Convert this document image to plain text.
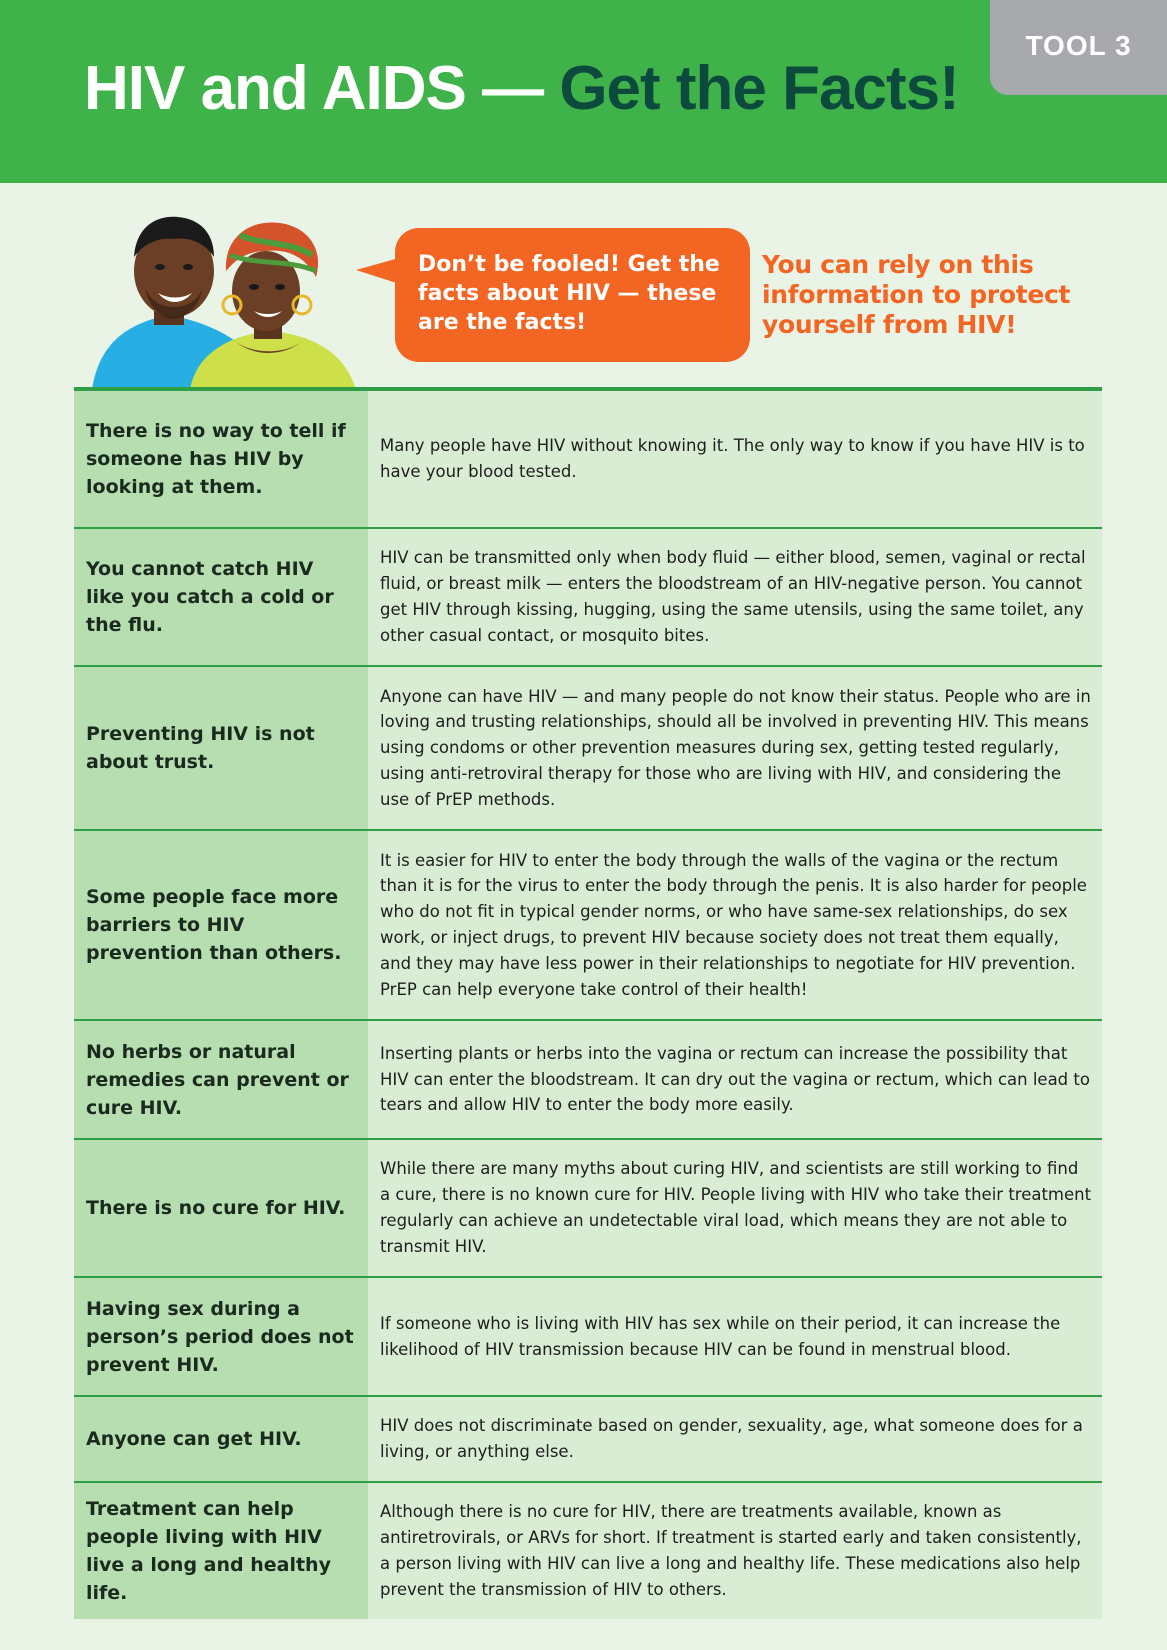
HIV and AIDS — Get the Facts!
TOOL 3
Don’t be fooled! Get the facts about HIV — these are the facts!
You can rely on this information to protect yourself from HIV!
There is no way to tell if someone has HIV by looking at them.
Many people have HIV without knowing it. The only way to know if you have HIV is to have your blood tested.
You cannot catch HIV like you catch a cold or the flu.
HIV can be transmitted only when body fluid — either blood, semen, vaginal or rectal fluid, or breast milk — enters the bloodstream of an HIV-negative person. You cannot get HIV through kissing, hugging, using the same utensils, using the same toilet, any other casual contact, or mosquito bites.
Preventing HIV is not about trust.
Anyone can have HIV — and many people do not know their status. People who are in loving and trusting relationships, should all be involved in preventing HIV. This means using condoms or other prevention measures during sex, getting tested regularly, using anti-retroviral therapy for those who are living with HIV, and considering the use of PrEP methods.
Some people face more barriers to HIV prevention than others.
It is easier for HIV to enter the body through the walls of the vagina or the rectum than it is for the virus to enter the body through the penis. It is also harder for people who do not fit in typical gender norms, or who have same-sex relationships, do sex work, or inject drugs, to prevent HIV because society does not treat them equally, and they may have less power in their relationships to negotiate for HIV prevention. PrEP can help everyone take control of their health!
No herbs or natural remedies can prevent or cure HIV.
Inserting plants or herbs into the vagina or rectum can increase the possibility that HIV can enter the bloodstream. It can dry out the vagina or rectum, which can lead to tears and allow HIV to enter the body more easily.
There is no cure for HIV.
While there are many myths about curing HIV, and scientists are still working to find a cure, there is no known cure for HIV. People living with HIV who take their treatment regularly can achieve an undetectable viral load, which means they are not able to transmit HIV.
Having sex during a person’s period does not prevent HIV.
If someone who is living with HIV has sex while on their period, it can increase the likelihood of HIV transmission because HIV can be found in menstrual blood.
Anyone can get HIV.
HIV does not discriminate based on gender, sexuality, age, what someone does for a living, or anything else.
Treatment can help people living with HIV live a long and healthy life.
Although there is no cure for HIV, there are treatments available, known as antiretrovirals, or ARVs for short. If treatment is started early and taken consistently, a person living with HIV can live a long and healthy life. These medications also help prevent the transmission of HIV to others.
